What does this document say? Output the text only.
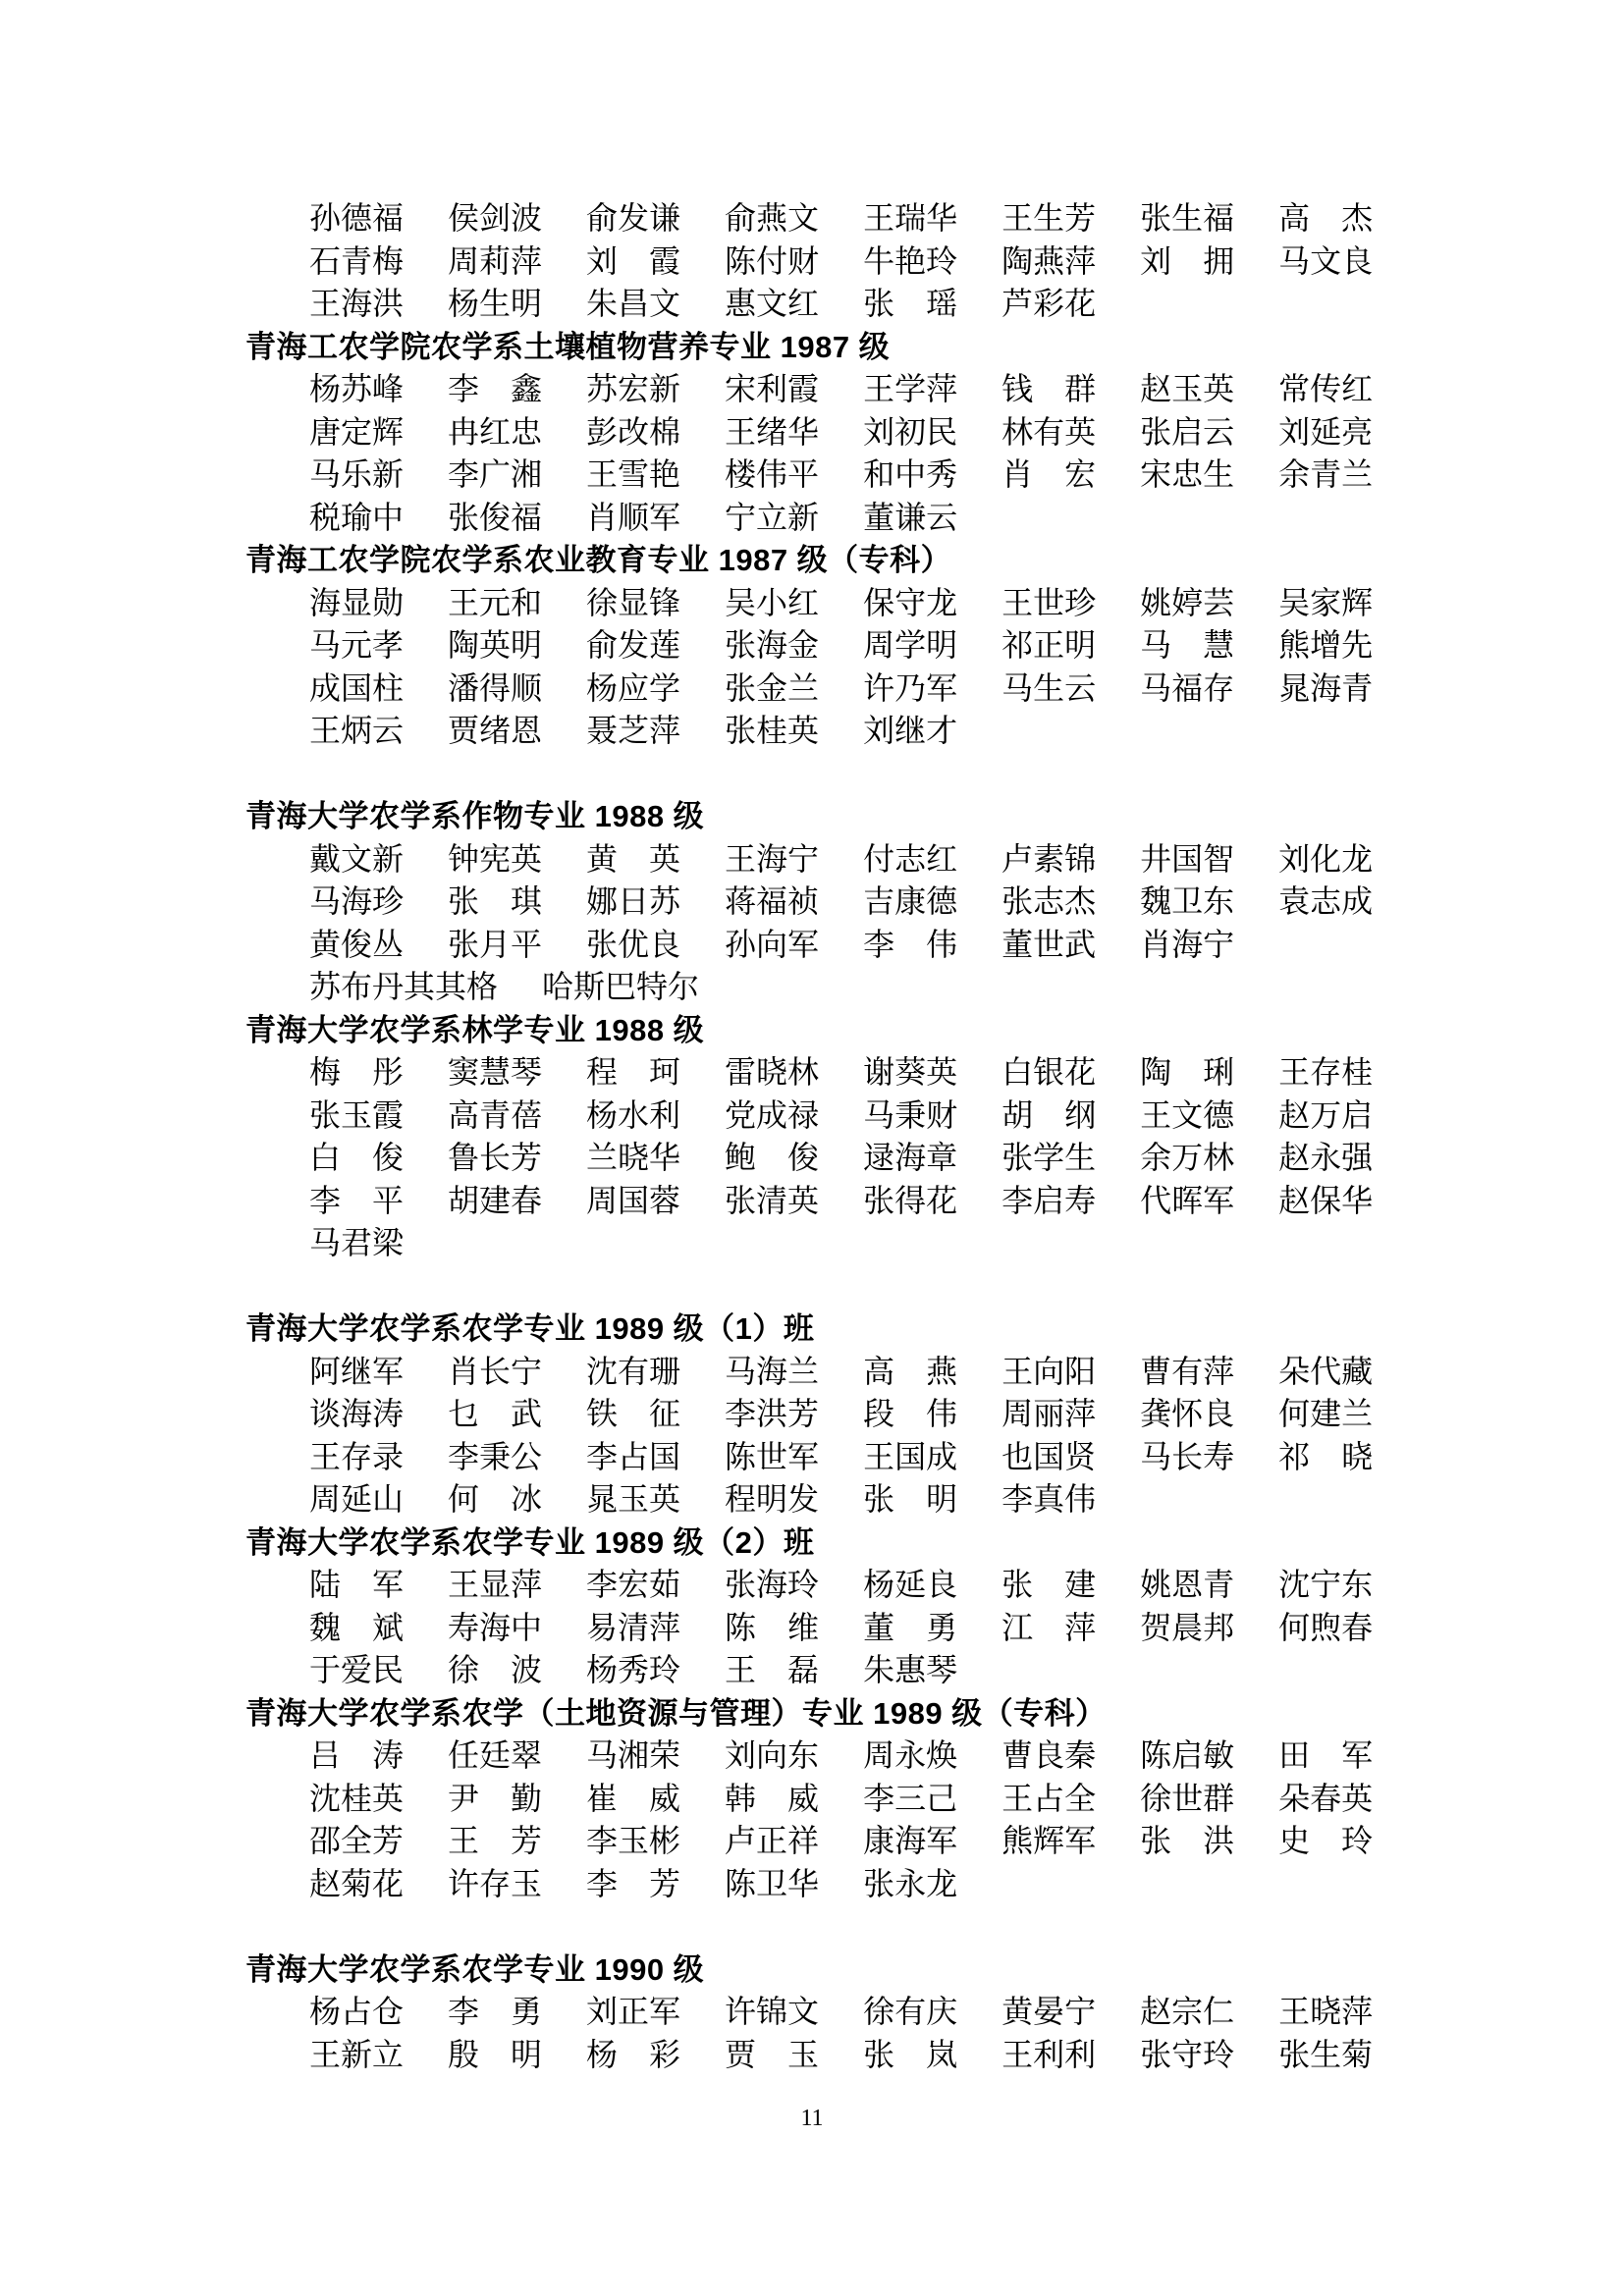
孙德福 侯剑波 俞发谦 俞燕文 王瑞华 王生芳 张生福 高　杰
石青梅 周莉萍 刘　霞 陈付财 牛艳玲 陶燕萍 刘　拥 马文良
王海洪 杨生明 朱昌文 惠文红 张　瑶 芦彩花
青海工农学院农学系土壤植物营养专业 1987 级
杨苏峰 李　鑫 苏宏新 宋利霞 王学萍 钱　群 赵玉英 常传红
唐定辉 冉红忠 彭改棉 王绪华 刘初民 林有英 张启云 刘延亮
马乐新 李广湘 王雪艳 楼伟平 和中秀 肖　宏 宋忠生 余青兰
税瑜中 张俊福 肖顺军 宁立新 董谦云
青海工农学院农学系农业教育专业 1987 级（专科）
海显勋 王元和 徐显锋 吴小红 保守龙 王世珍 姚婷芸 吴家辉
马元孝 陶英明 俞发莲 张海金 周学明 祁正明 马　慧 熊增先
成国柱 潘得顺 杨应学 张金兰 许乃军 马生云 马福存 晁海青
王炳云 贾绪恩 聂芝萍 张桂英 刘继才
青海大学农学系作物专业 1988 级
戴文新 钟宪英 黄　英 王海宁 付志红 卢素锦 井国智 刘化龙
马海珍 张　琪 娜日苏 蒋福祯 吉康德 张志杰 魏卫东 袁志成
黄俊丛 张月平 张优良 孙向军 李　伟 董世武 肖海宁
苏布丹其其格 哈斯巴特尔
青海大学农学系林学专业 1988 级
梅　彤 窦慧琴 程　珂 雷晓林 谢葵英 白银花 陶　琍 王存桂
张玉霞 高青蓓 杨水利 党成禄 马秉财 胡　纲 王文德 赵万启
白　俊 鲁长芳 兰晓华 鲍　俊 逯海章 张学生 余万林 赵永强
李　平 胡建春 周国蓉 张清英 张得花 李启寿 代晖军 赵保华
马君梁
青海大学农学系农学专业 1989 级（1）班
阿继军 肖长宁 沈有珊 马海兰 高　燕 王向阳 曹有萍 朵代藏
谈海涛 乜　武 铁　征 李洪芳 段　伟 周丽萍 龚怀良 何建兰
王存录 李秉公 李占国 陈世军 王国成 也国贤 马长寿 祁　晓
周延山 何　冰 晁玉英 程明发 张　明 李真伟
青海大学农学系农学专业 1989 级（2）班
陆　军 王显萍 李宏茹 张海玲 杨延良 张　建 姚恩青 沈宁东
魏　斌 寿海中 易清萍 陈　维 董　勇 江　萍 贺晨邦 何煦春
于爱民 徐　波 杨秀玲 王　磊 朱惠琴
青海大学农学系农学（土地资源与管理）专业 1989 级（专科）
吕　涛 任廷翠 马湘荣 刘向东 周永焕 曹良秦 陈启敏 田　军
沈桂英 尹　勤 崔　威 韩　威 李三己 王占全 徐世群 朵春英
邵全芳 王　芳 李玉彬 卢正祥 康海军 熊辉军 张　洪 史　玲
赵菊花 许存玉 李　芳 陈卫华 张永龙
青海大学农学系农学专业 1990 级
杨占仓 李　勇 刘正军 许锦文 徐有庆 黄晏宁 赵宗仁 王晓萍
王新立 殷　明 杨　彩 贾　玉 张　岚 王利利 张守玲 张生菊
11
